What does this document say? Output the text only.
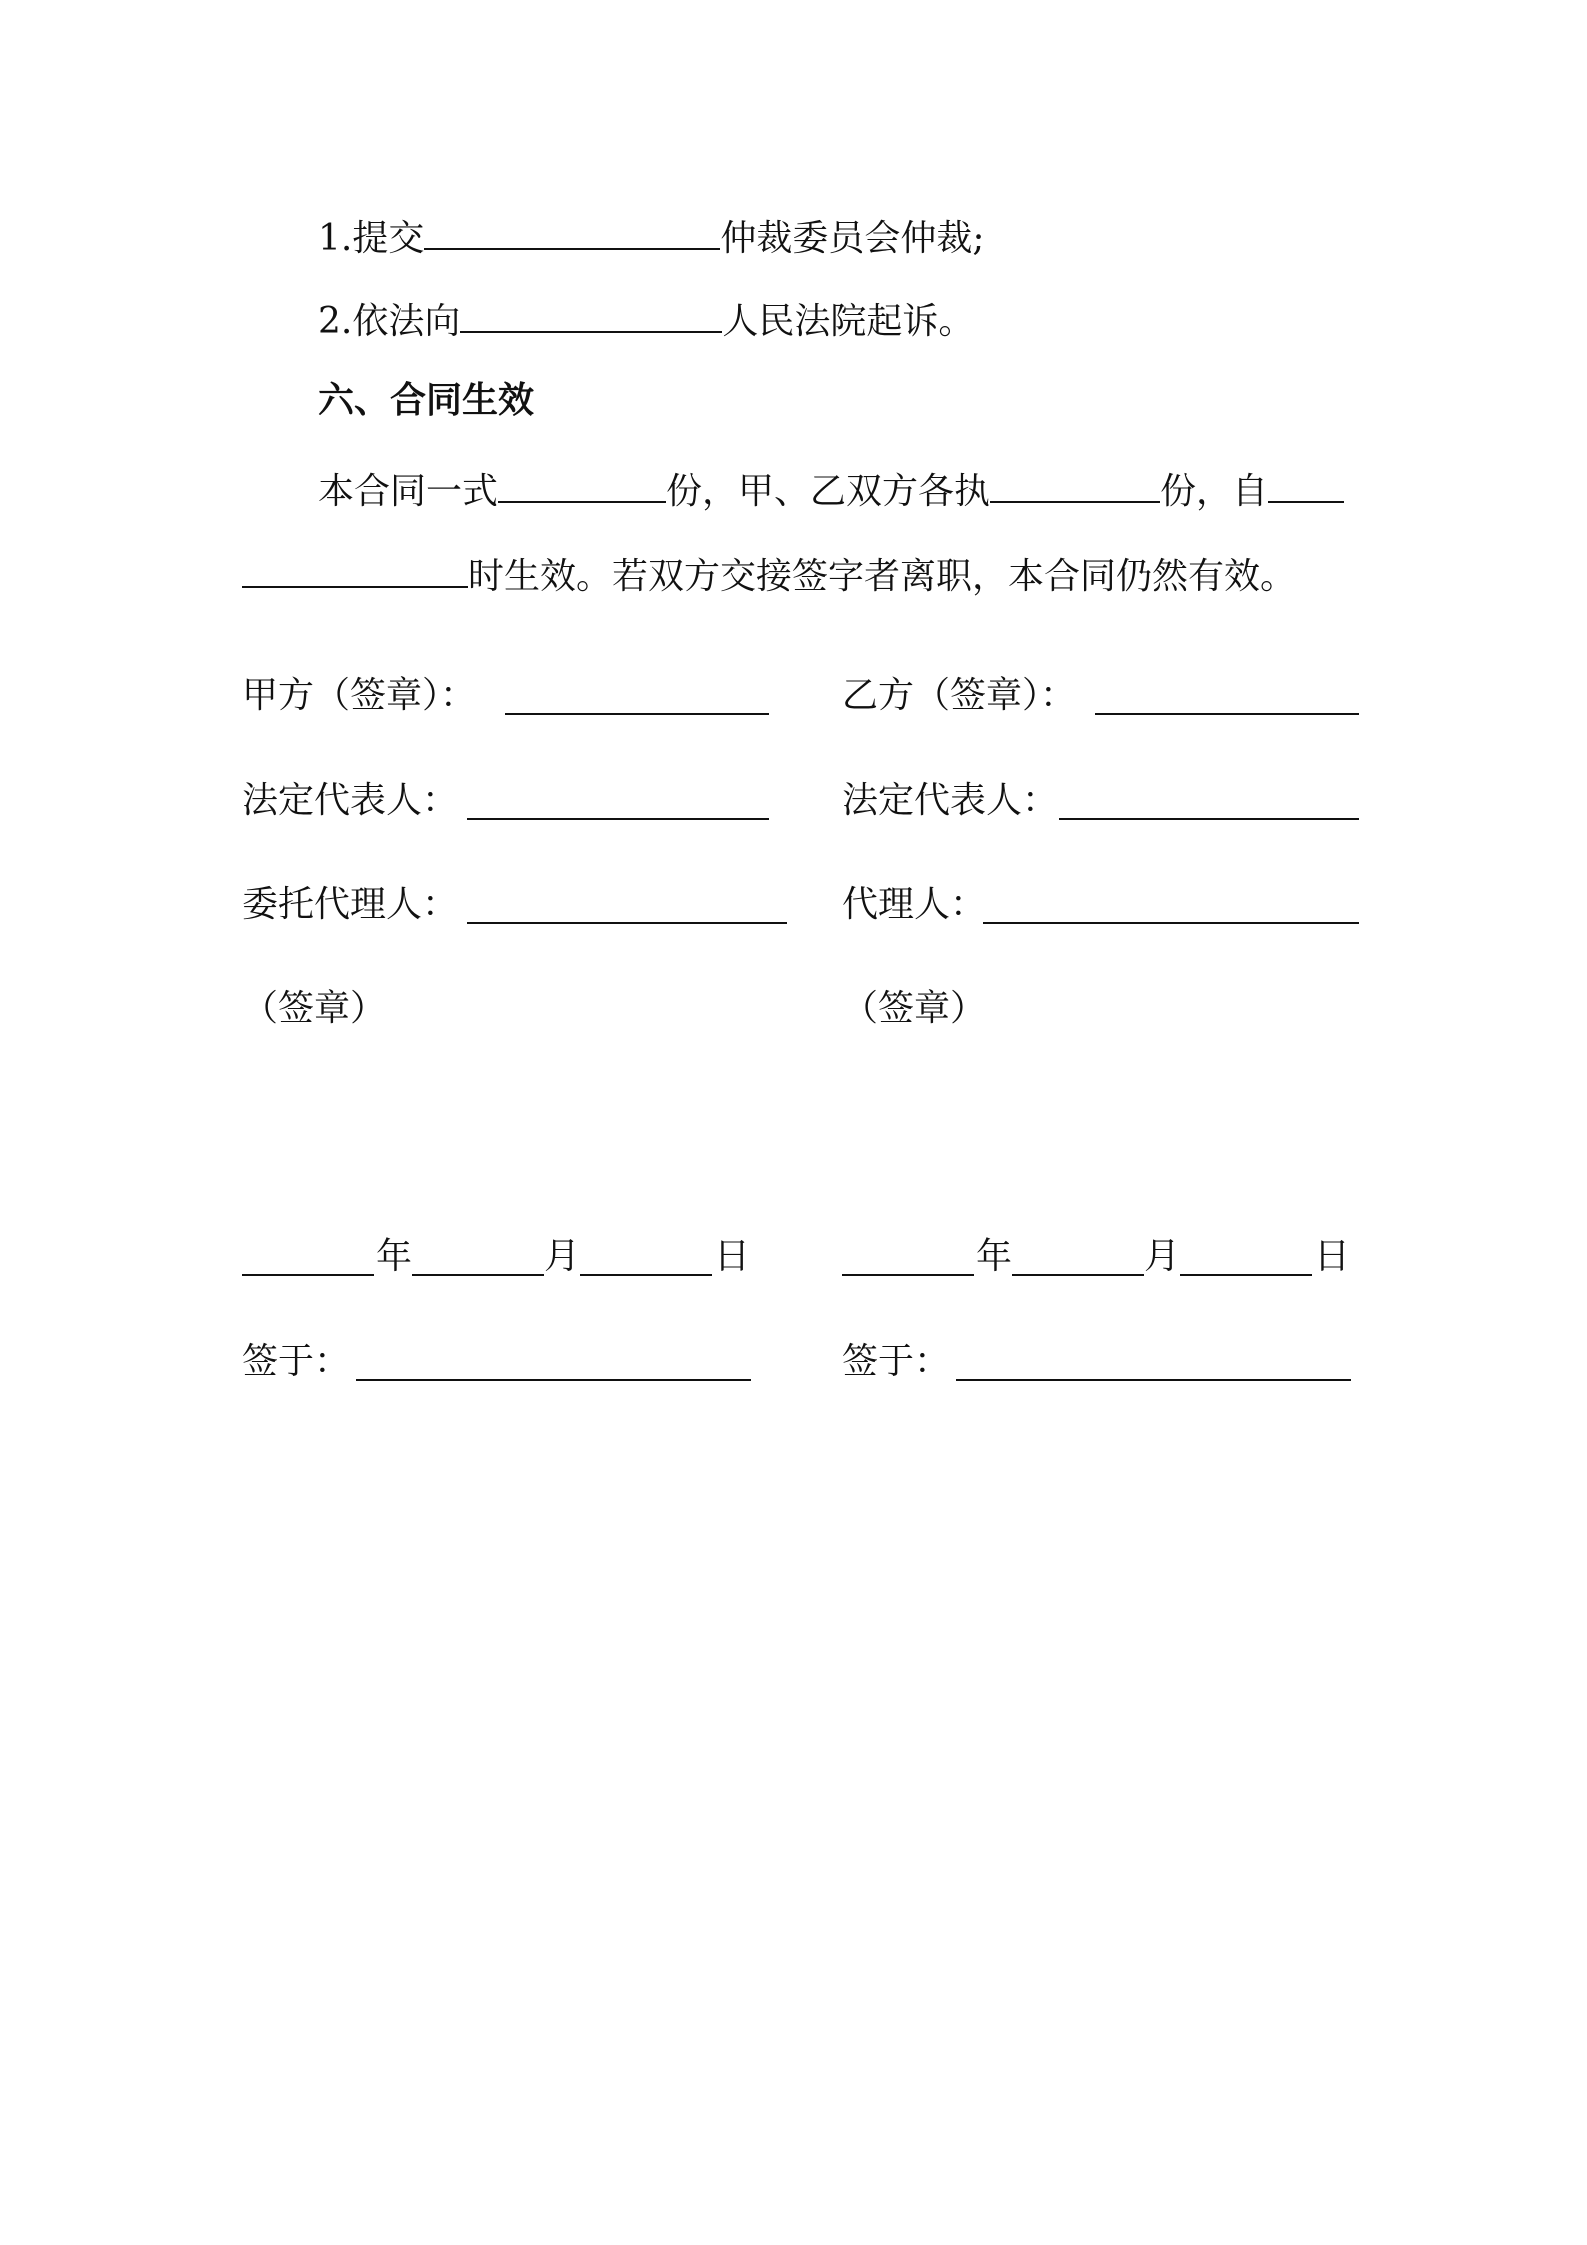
1.提交	仲裁委员会仲裁;
2.依法向	人民法院起诉。
六、合同生效
本合同一式	份，甲、乙双方各执	份，自
时生效。若双方交接签字者离职，本合同仍然有效。
甲方（签章）：
法定代表人：
委托代理人：
（签章）
年	月	日
签于：
乙方（签章）：
法定代表人：
代理人：
（签章）
年	月	日
签于：
